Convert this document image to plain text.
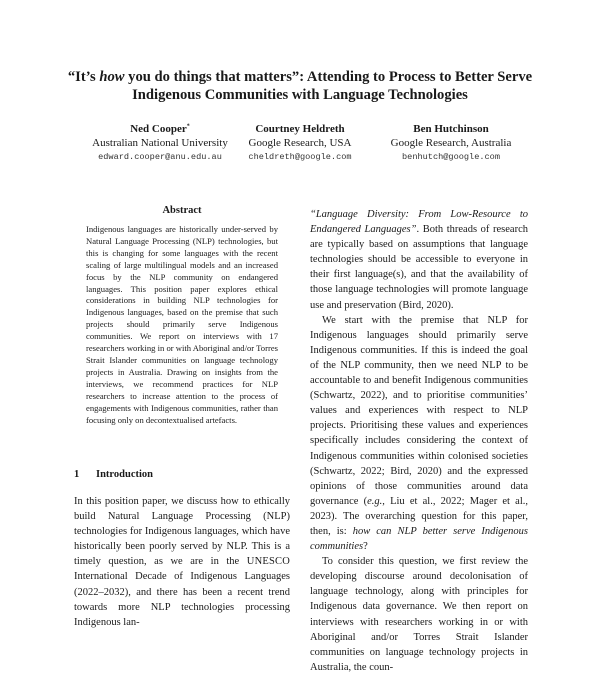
“It’s how you do things that matters”: Attending to Process to Better Serve Indigenous Communities with Language Technologies
Ned Cooper*
Australian National University
edward.cooper@anu.edu.au
Courtney Heldreth
Google Research, USA
cheldreth@google.com
Ben Hutchinson
Google Research, Australia
benhutch@google.com
Abstract

Indigenous languages are historically under-served by Natural Language Processing (NLP) technologies, but this is changing for some languages with the recent scaling of large multilingual models and an increased focus by the NLP community on endangered languages. This position paper explores ethical considerations in building NLP technologies for Indigenous languages, based on the premise that such projects should primarily serve Indigenous communities. We report on interviews with 17 researchers working in or with Aboriginal and/or Torres Strait Islander communities on language technology projects in Australia. Drawing on insights from the interviews, we recommend practices for NLP researchers to increase attention to the process of engagements with Indigenous communities, rather than focusing only on decontextualised artefacts.

1 Introduction

In this position paper, we discuss how to ethically build Natural Language Processing (NLP) technologies for Indigenous languages, which have historically been poorly served by NLP. This is a timely question, as we are in the UNESCO International Decade of Indigenous Languages (2022–2032), and there has been a recent trend towards more NLP technologies processing Indigenous lan-

“Language Diversity: From Low-Resource to Endangered Languages”. Both threads of research are typically based on assumptions that language technologies should be accessible to everyone in their first language(s), and that the availability of those language technologies will promote language use and preservation (Bird, 2020).

We start with the premise that NLP for Indigenous languages should primarily serve Indigenous communities. If this is indeed the goal of the NLP community, then we need NLP to be accountable to and benefit Indigenous communities (Schwartz, 2022), and to prioritise communities’ values and experiences with respect to NLP projects. Prioritising these values and experiences specifically includes considering the context of Indigenous communities within colonised societies (Schwartz, 2022; Bird, 2020) and the expressed opinions of those communities around data governance (e.g., Liu et al., 2022; Mager et al., 2023). The overarching question for this paper, then, is: how can NLP better serve Indigenous communities?

To consider this question, we first review the developing discourse around decolonisation of language technology, along with principles for Indigenous data governance. We then report on interviews with researchers working in or with Aboriginal and/or Torres Strait Islander communities on language technology projects in Australia, the coun-
